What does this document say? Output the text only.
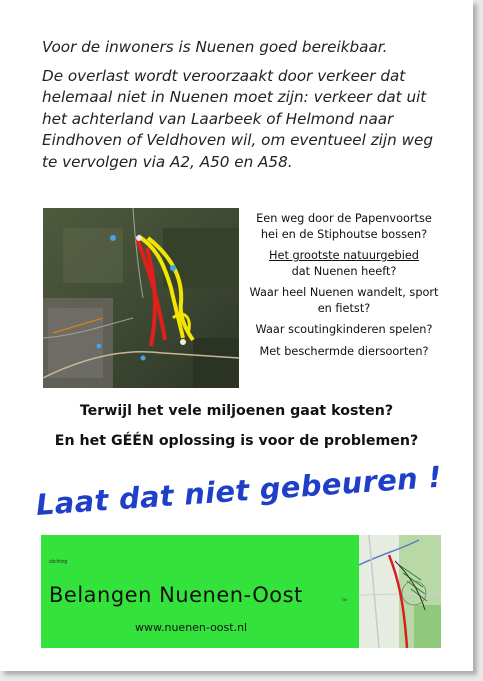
Voor de inwoners is Nuenen goed bereikbaar.

De overlast wordt veroorzaakt door verkeer dat helemaal niet in Nuenen moet zijn: verkeer dat uit het achterland van Laarbeek of Helmond naar Eindhoven of Veldhoven wil, om eventueel zijn weg te vervolgen via A2, A50 en A58.

Een weg door de Papenvoortse hei en de Stiphoutse bossen?
Het grootste natuurgebied
dat Nuenen heeft?
Waar heel Nuenen wandelt, sport en fietst?
Waar scoutingkinderen spelen?
Met beschermde diersoorten?
Terwijl het vele miljoenen gaat kosten?
En het GÉÉN oplossing is voor de problemen?
Laat dat niet gebeuren !
stichting
Belangen Nuenen-Oost	TM
www.nuenen-oost.nl
